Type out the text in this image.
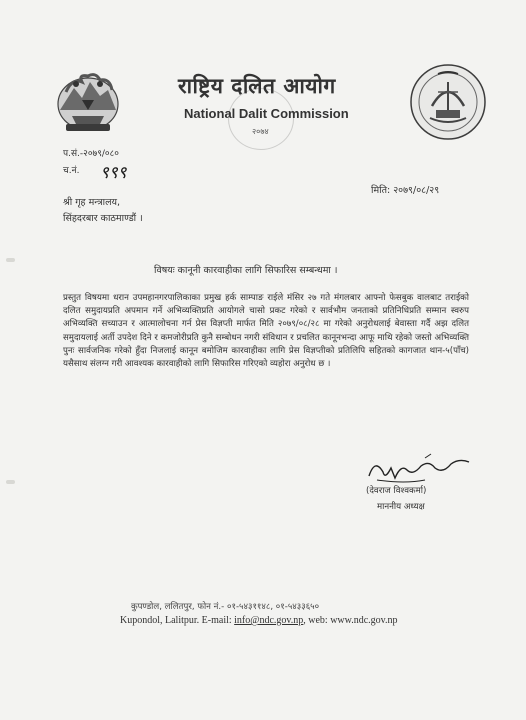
राष्ट्रिय दलित आयोग
National Dalit Commission
२०७४
प.सं.-२०७९/०८०
च.नं. ९९९
मिति: २०७९/०८/२९
श्री गृह मन्त्रालय,
सिंहदरबार काठमाण्डौं ।
विषयः कानूनी कारवाहीका लागि सिफारिस सम्बन्धमा ।
प्रस्तुत विषयमा धरान उपमहानगरपालिकाका प्रमुख हर्क साम्पाङ राईले मंसिर २७ गते मंगलबार आफ्नो फेसबुक वालबाट तराईको दलित समुदायप्रति अपमान गर्ने अभिव्यक्तिप्रति आयोगले चासो प्रकट गरेको र सार्वभौम जनताको प्रतिनिधिप्रति सम्मान स्वरुप अभिव्यक्ति सच्याउन र आत्मालोचना गर्न प्रेस विज्ञप्ती मार्फत मिति २०७९/०८/२८ मा गरेको अनुरोधलाई बेवास्ता गर्दै अझ दलित समुदायलाई अर्ती उपदेश दिने र कमजोरीप्रति कुनै सम्बोधन नगरी संविधान र प्रचलित कानूनभन्दा आफू माथि रहेको जस्तो अभिव्यक्ति पुनः सार्वजनिक गरेको हुँदा निजलाई कानून बमोजिम कारवाहीका लागि प्रेस विज्ञप्तीको प्रतिलिपि सहितको कागजात थान-५(पाँच) यसैसाथ संलग्न गरी आवश्यक कारवाहीको लागि सिफारिस गरिएको व्यहोरा अनुरोध छ ।
(देवराज विश्वकर्मा)
माननीय अध्यक्ष
कुपण्डोल, ललितपुर, फोन नं.- ०१-५४३११४८, ०१-५४३३६५०
Kupondol, Lalitpur. E-mail: info@ndc.gov.np, web: www.ndc.gov.np
